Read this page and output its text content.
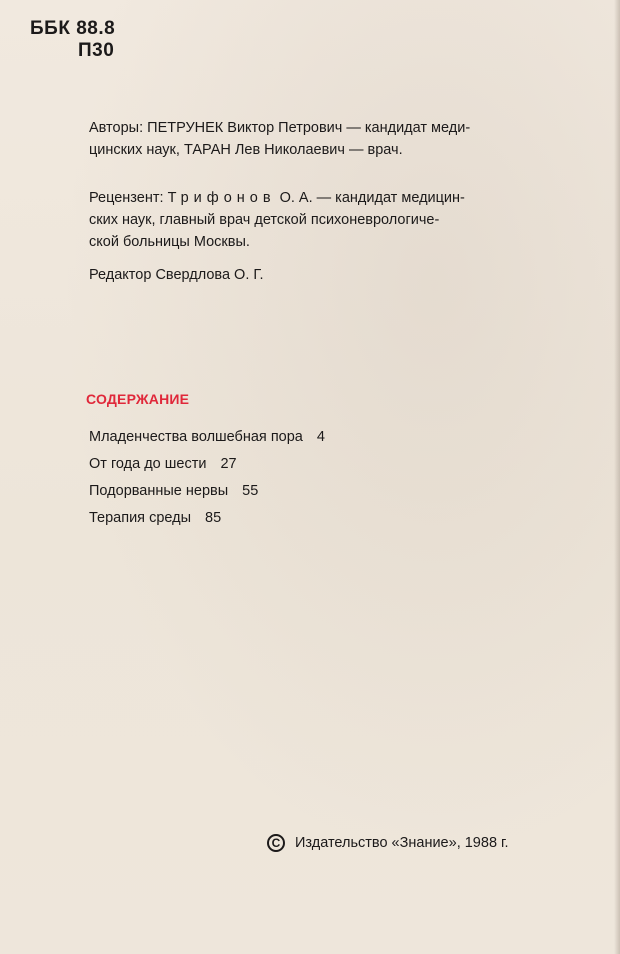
ББК 88.8
П30
Авторы: ПЕТРУНЕК Виктор Петрович — кандидат меди-
цинских наук, ТАРАН Лев Николаевич — врач.
Рецензент: Трифонов О. А. — кандидат медицин-
ских наук, главный врач детской психоневрологиче-
ской больницы Москвы.
Редактор Свердлова О. Г.
СОДЕРЖАНИЕ
Младенчества волшебная пора 4
От года до шести 27
Подорванные нервы 55
Терапия среды 85
C	Издательство «Знание», 1988 г.
